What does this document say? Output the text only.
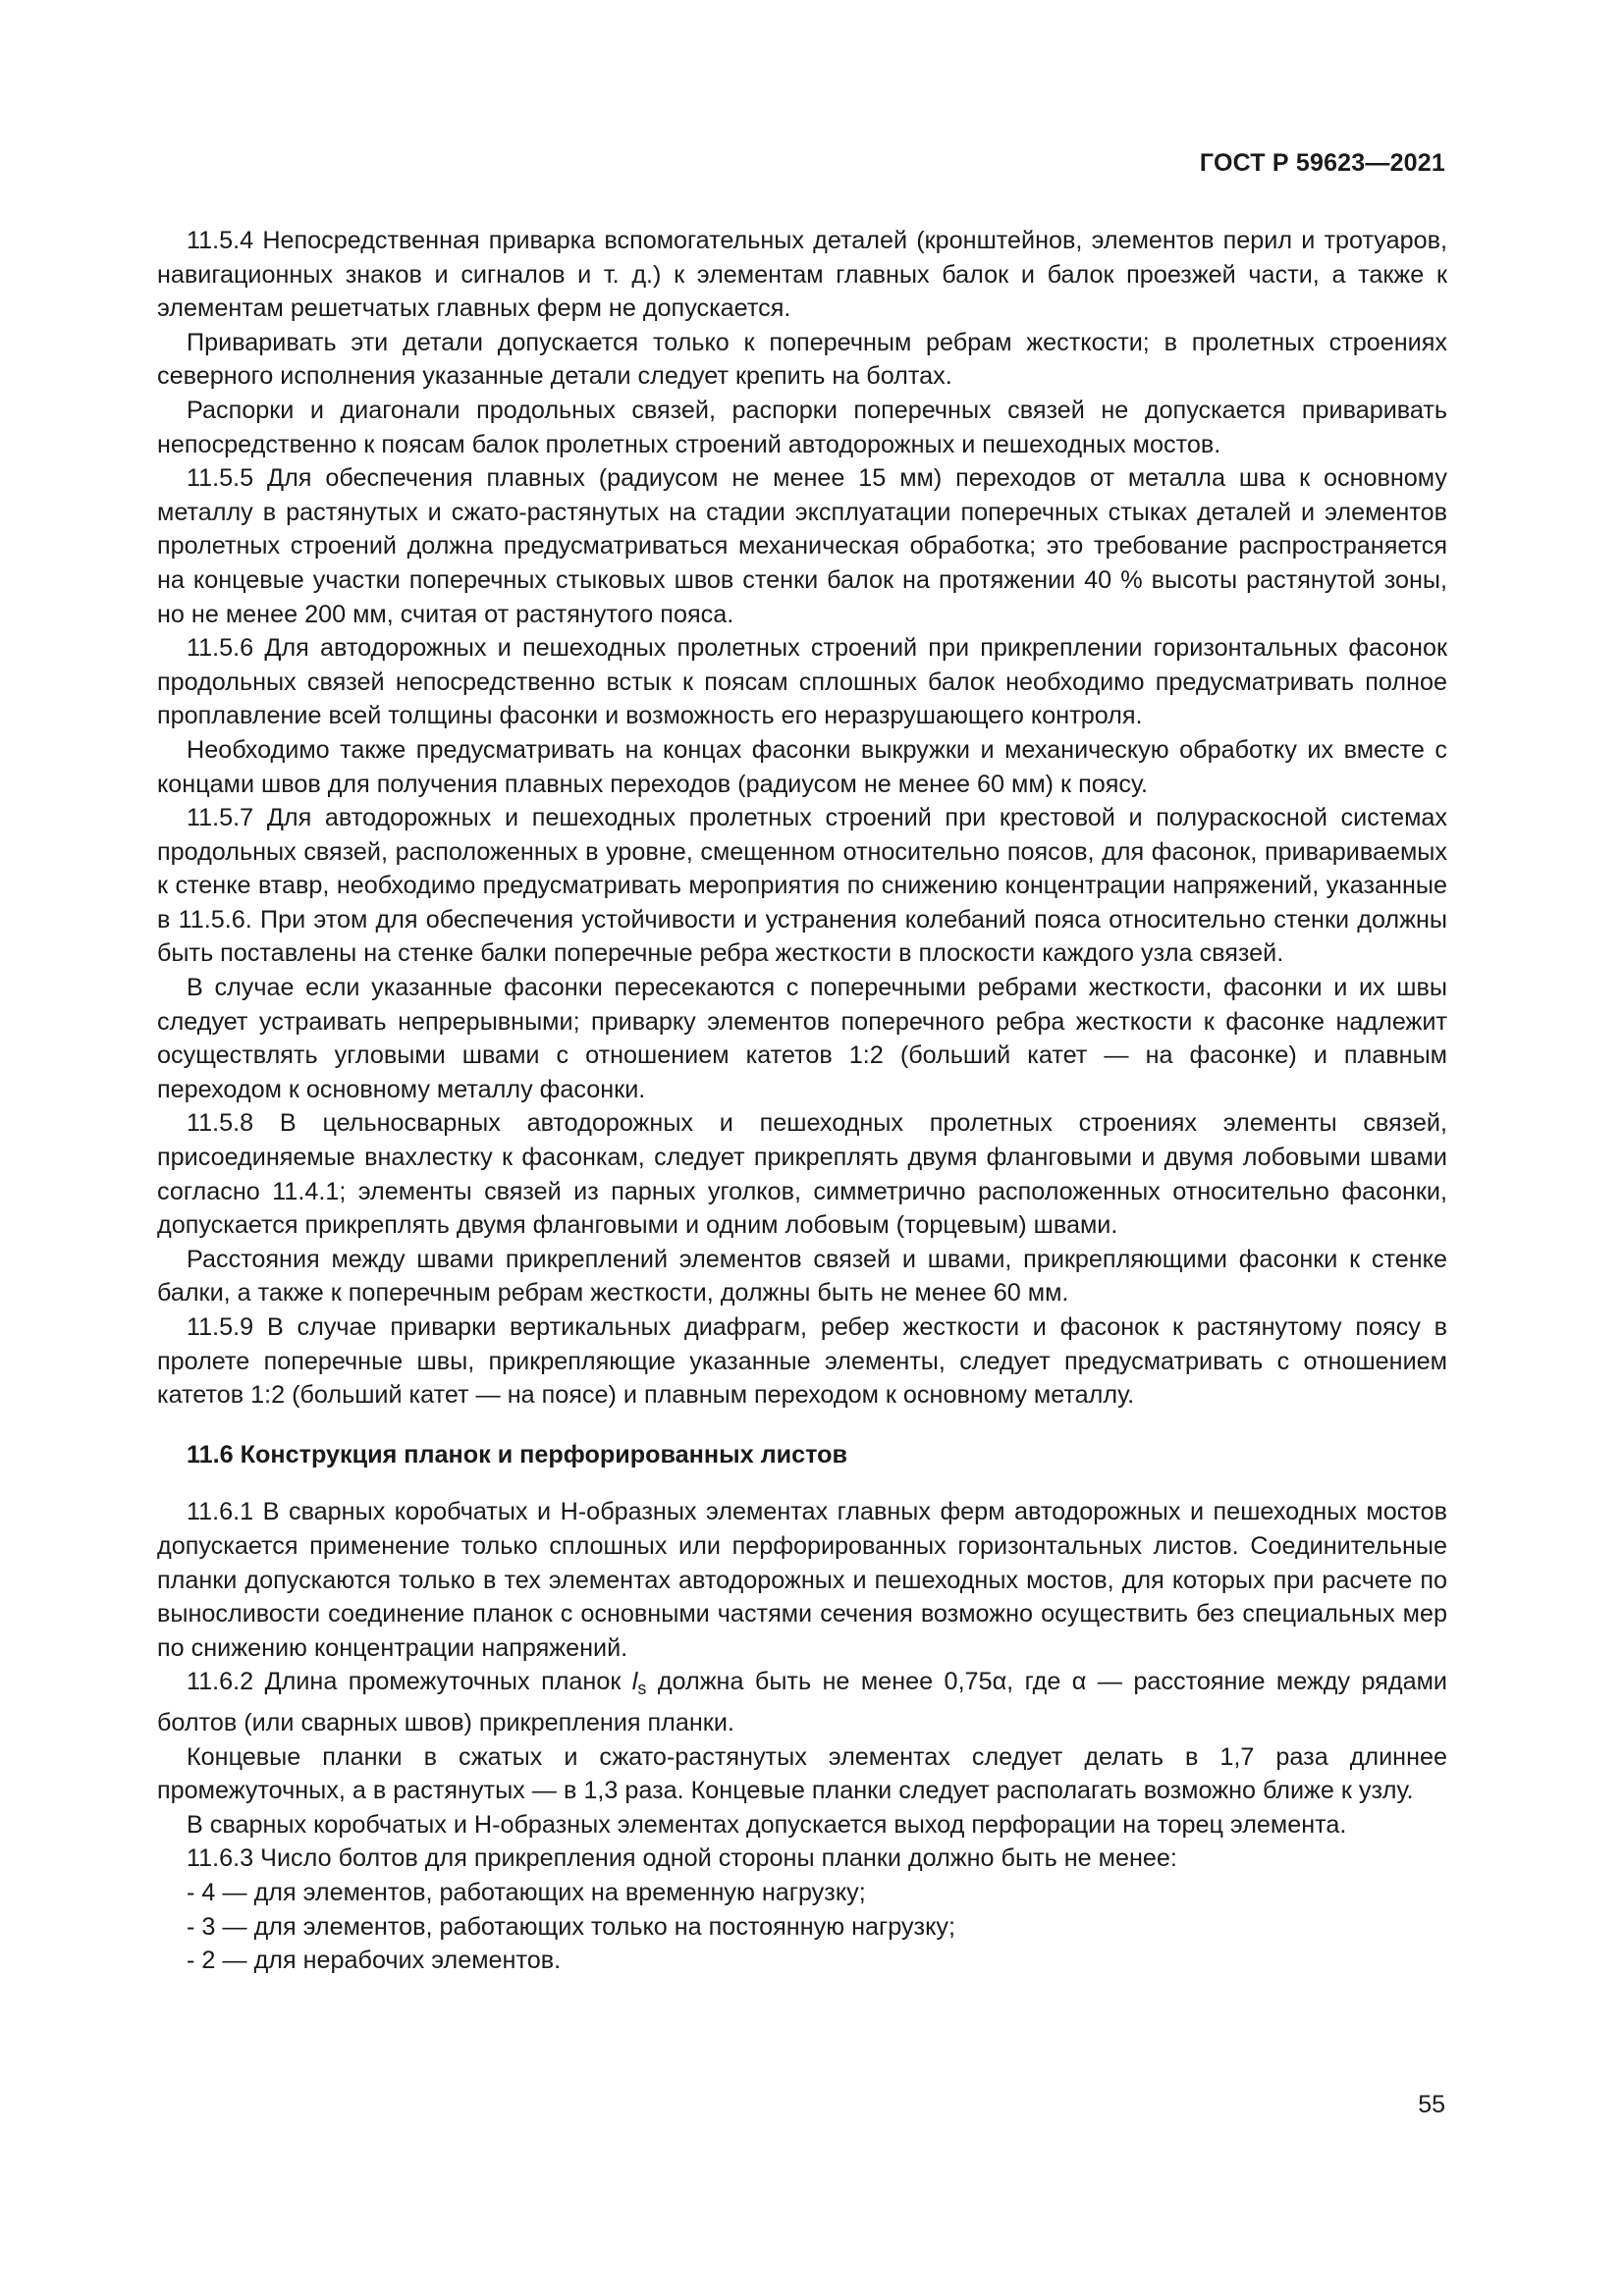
ГОСТ Р 59623—2021

11.5.4 Непосредственная приварка вспомогательных деталей (кронштейнов, элементов перил и тротуаров, навигационных знаков и сигналов и т. д.) к элементам главных балок и балок проезжей части, а также к элементам решетчатых главных ферм не допускается.

Приваривать эти детали допускается только к поперечным ребрам жесткости; в пролетных строениях северного исполнения указанные детали следует крепить на болтах.

Распорки и диагонали продольных связей, распорки поперечных связей не допускается приваривать непосредственно к поясам балок пролетных строений автодорожных и пешеходных мостов.

11.5.5 Для обеспечения плавных (радиусом не менее 15 мм) переходов от металла шва к основному металлу в растянутых и сжато-растянутых на стадии эксплуатации поперечных стыках деталей и элементов пролетных строений должна предусматриваться механическая обработка; это требование распространяется на концевые участки поперечных стыковых швов стенки балок на протяжении 40 % высоты растянутой зоны, но не менее 200 мм, считая от растянутого пояса.

11.5.6 Для автодорожных и пешеходных пролетных строений при прикреплении горизонтальных фасонок продольных связей непосредственно встык к поясам сплошных балок необходимо предусматривать полное проплавление всей толщины фасонки и возможность его неразрушающего контроля.

Необходимо также предусматривать на концах фасонки выкружки и механическую обработку их вместе с концами швов для получения плавных переходов (радиусом не менее 60 мм) к поясу.

11.5.7 Для автодорожных и пешеходных пролетных строений при крестовой и полураскосной системах продольных связей, расположенных в уровне, смещенном относительно поясов, для фасонок, привариваемых к стенке втавр, необходимо предусматривать мероприятия по снижению концентрации напряжений, указанные в 11.5.6. При этом для обеспечения устойчивости и устранения колебаний пояса относительно стенки должны быть поставлены на стенке балки поперечные ребра жесткости в плоскости каждого узла связей.

В случае если указанные фасонки пересекаются с поперечными ребрами жесткости, фасонки и их швы следует устраивать непрерывными; приварку элементов поперечного ребра жесткости к фасонке надлежит осуществлять угловыми швами с отношением катетов 1:2 (больший катет — на фасонке) и плавным переходом к основному металлу фасонки.

11.5.8 В цельносварных автодорожных и пешеходных пролетных строениях элементы связей, присоединяемые внахлестку к фасонкам, следует прикреплять двумя фланговыми и двумя лобовыми швами согласно 11.4.1; элементы связей из парных уголков, симметрично расположенных относительно фасонки, допускается прикреплять двумя фланговыми и одним лобовым (торцевым) швами.

Расстояния между швами прикреплений элементов связей и швами, прикрепляющими фасонки к стенке балки, а также к поперечным ребрам жесткости, должны быть не менее 60 мм.

11.5.9 В случае приварки вертикальных диафрагм, ребер жесткости и фасонок к растянутому поясу в пролете поперечные швы, прикрепляющие указанные элементы, следует предусматривать с отношением катетов 1:2 (больший катет — на поясе) и плавным переходом к основному металлу.

11.6 Конструкция планок и перфорированных листов

11.6.1 В сварных коробчатых и Н-образных элементах главных ферм автодорожных и пешеходных мостов допускается применение только сплошных или перфорированных горизонтальных листов. Соединительные планки допускаются только в тех элементах автодорожных и пешеходных мостов, для которых при расчете по выносливости соединение планок с основными частями сечения возможно осуществить без специальных мер по снижению концентрации напряжений.

11.6.2 Длина промежуточных планок $l_s$ должна быть не менее 0,75α, где α — расстояние между рядами болтов (или сварных швов) прикрепления планки.

Концевые планки в сжатых и сжато-растянутых элементах следует делать в 1,7 раза длиннее промежуточных, а в растянутых — в 1,3 раза. Концевые планки следует располагать возможно ближе к узлу.

В сварных коробчатых и Н-образных элементах допускается выход перфорации на торец элемента.

11.6.3 Число болтов для прикрепления одной стороны планки должно быть не менее:

- 4 — для элементов, работающих на временную нагрузку;
- 3 — для элементов, работающих только на постоянную нагрузку;
- 2 — для нерабочих элементов.
55
